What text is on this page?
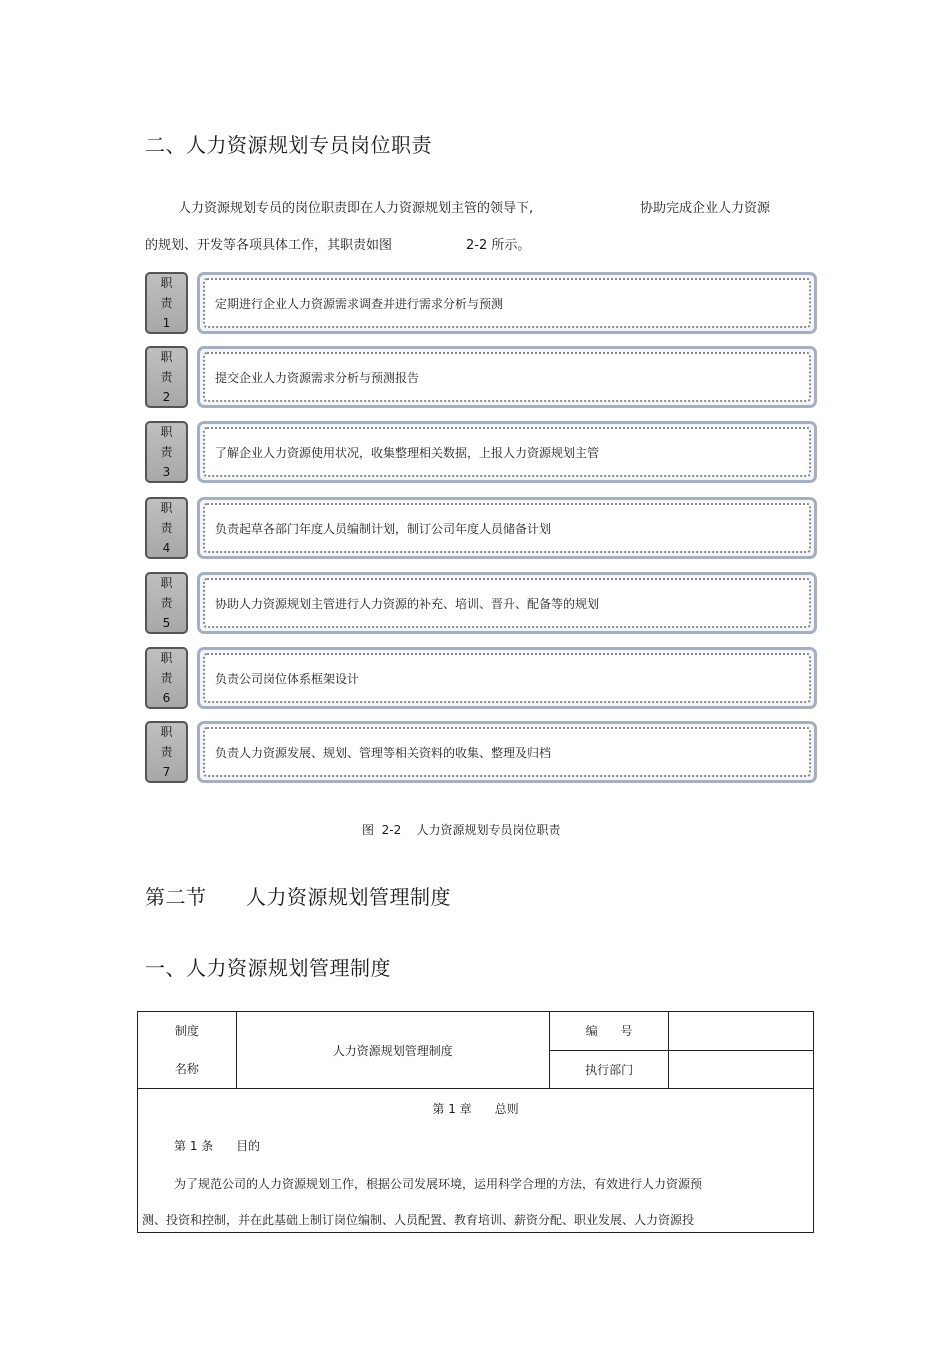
二、人力资源规划专员岗位职责
人力资源规划专员的岗位职责即在人力资源规划主管的领导下,	协助完成企业人力资源
的规划、开发等各项具体工作，其职责如图	2-2 所示。
职
责
1
定期进行企业人力资源需求调查并进行需求分析与预测
职
责
2
提交企业人力资源需求分析与预测报告
职
责
3
了解企业人力资源使用状况，收集整理相关数据，上报人力资源规划主管
职
责
4
负责起草各部门年度人员编制计划，制订公司年度人员储备计划
职
责
5
协助人力资源规划主管进行人力资源的补充、培训、晋升、配备等的规划
职
责
6
负责公司岗位体系框架设计
职
责
7
负责人力资源发展、规划、管理等相关资料的收集、整理及归档
图  2-2    人力资源规划专员岗位职责
第二节 人力资源规划管理制度
一、人力资源规划管理制度
制度
名称	人力资源规划管理制度	编      号	
		执行部门	

第 1 章      总则
第 1 条      目的
为了规范公司的人力资源规划工作，根据公司发展环境，运用科学合理的方法，有效进行人力资源预
测、投资和控制，并在此基础上制订岗位编制、人员配置、教育培训、薪资分配、职业发展、人力资源投			
